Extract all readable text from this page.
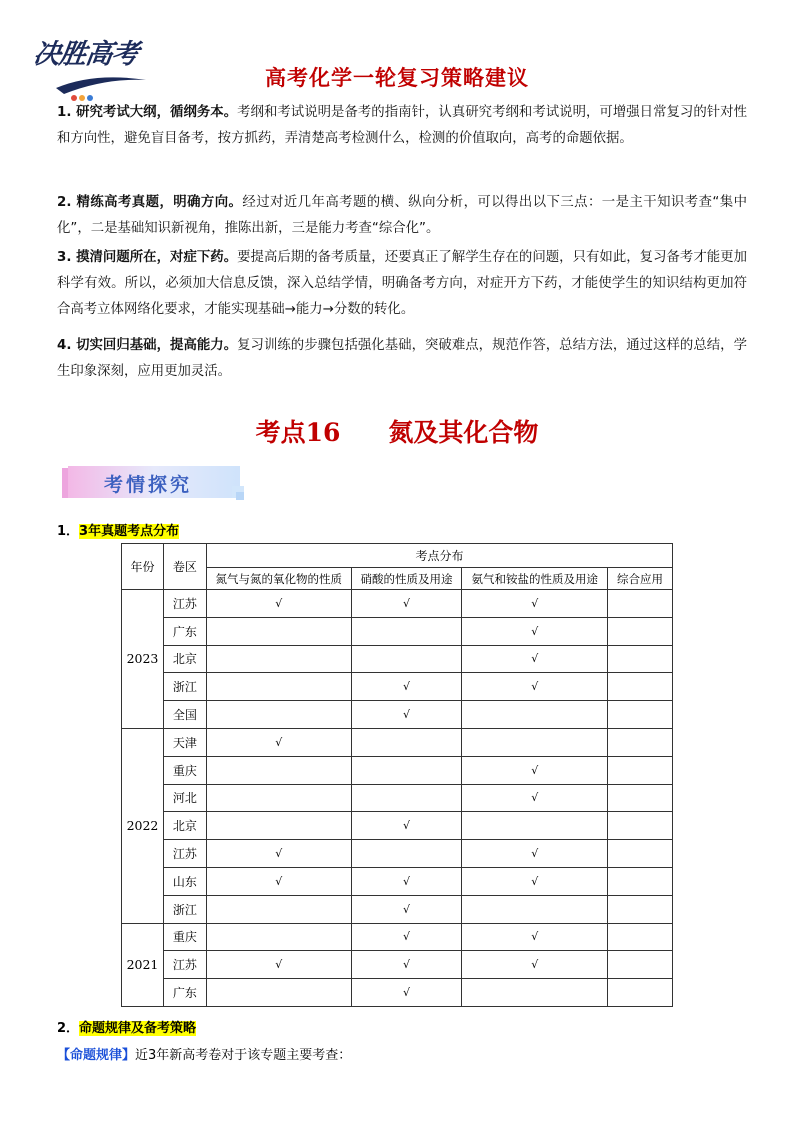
决胜高考
高考化学一轮复习策略建议
1. 研究考试大纲，循纲务本。考纲和考试说明是备考的指南针，认真研究考纲和考试说明，可增强日常复习的针对性和方向性，避免盲目备考，按方抓药，弄清楚高考检测什么，检测的价值取向，高考的命题依据。
2. 精练高考真题，明确方向。经过对近几年高考题的横、纵向分析，可以得出以下三点：一是主干知识考查“集中化”，二是基础知识新视角，推陈出新，三是能力考查“综合化”。
3. 摸清问题所在，对症下药。要提高后期的备考质量，还要真正了解学生存在的问题，只有如此，复习备考才能更加科学有效。所以，必须加大信息反馈，深入总结学情，明确备考方向，对症开方下药，才能使学生的知识结构更加符合高考立体网络化要求，才能实现基础→能力→分数的转化。
4. 切实回归基础，提高能力。复习训练的步骤包括强化基础，突破难点，规范作答，总结方法，通过这样的总结，学生印象深刻，应用更加灵活。
考点16 氮及其化合物
考情探究
1．3年真题考点分布
年份	卷区	考点分布			
		氮气与氮的氧化物的性质	硝酸的性质及用途	氨气和铵盐的性质及用途	综合应用
2023	江苏	√	√	√	
	广东			√	
	北京			√	
	浙江		√	√	
	全国		√		
2022	天津	√			
	重庆			√	
	河北			√	
	北京		√		
	江苏	√		√	
	山东	√	√	√	
	浙江		√		
2021	重庆		√	√	
	江苏	√	√	√	
	广东		√		
2．命题规律及备考策略
【命题规律】近3年新高考卷对于该专题主要考查：
